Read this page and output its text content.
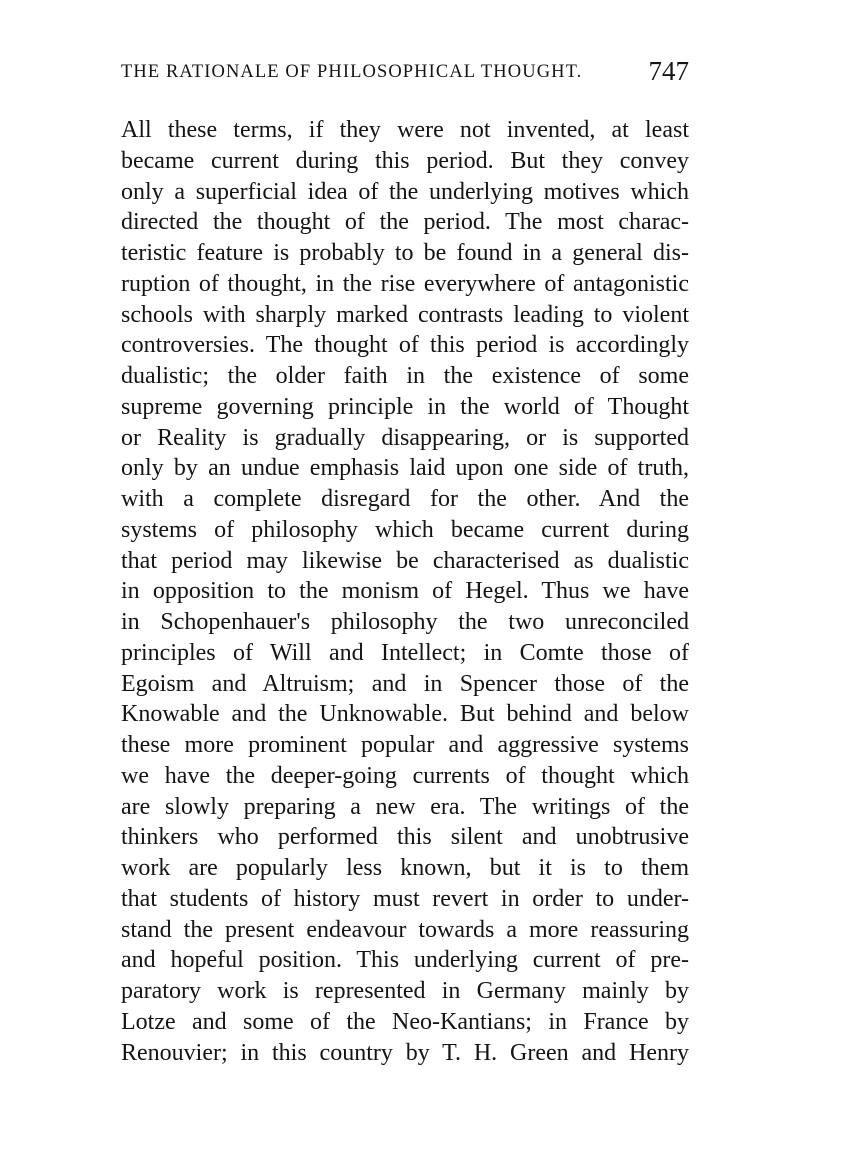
THE RATIONALE OF PHILOSOPHICAL THOUGHT. 747
All these terms, if they were not invented, at least
became current during this period. But they convey
only a superficial idea of the underlying motives which
directed the thought of the period. The most charac-
teristic feature is probably to be found in a general dis-
ruption of thought, in the rise everywhere of antagonistic
schools with sharply marked contrasts leading to violent
controversies. The thought of this period is accordingly
dualistic; the older faith in the existence of some
supreme governing principle in the world of Thought
or Reality is gradually disappearing, or is supported
only by an undue emphasis laid upon one side of truth,
with a complete disregard for the other. And the
systems of philosophy which became current during
that period may likewise be characterised as dualistic
in opposition to the monism of Hegel. Thus we have
in Schopenhauer's philosophy the two unreconciled
principles of Will and Intellect; in Comte those of
Egoism and Altruism; and in Spencer those of the
Knowable and the Unknowable. But behind and below
these more prominent popular and aggressive systems
we have the deeper-going currents of thought which
are slowly preparing a new era. The writings of the
thinkers who performed this silent and unobtrusive
work are popularly less known, but it is to them
that students of history must revert in order to under-
stand the present endeavour towards a more reassuring
and hopeful position. This underlying current of pre-
paratory work is represented in Germany mainly by
Lotze and some of the Neo-Kantians; in France by
Renouvier; in this country by T. H. Green and Henry
